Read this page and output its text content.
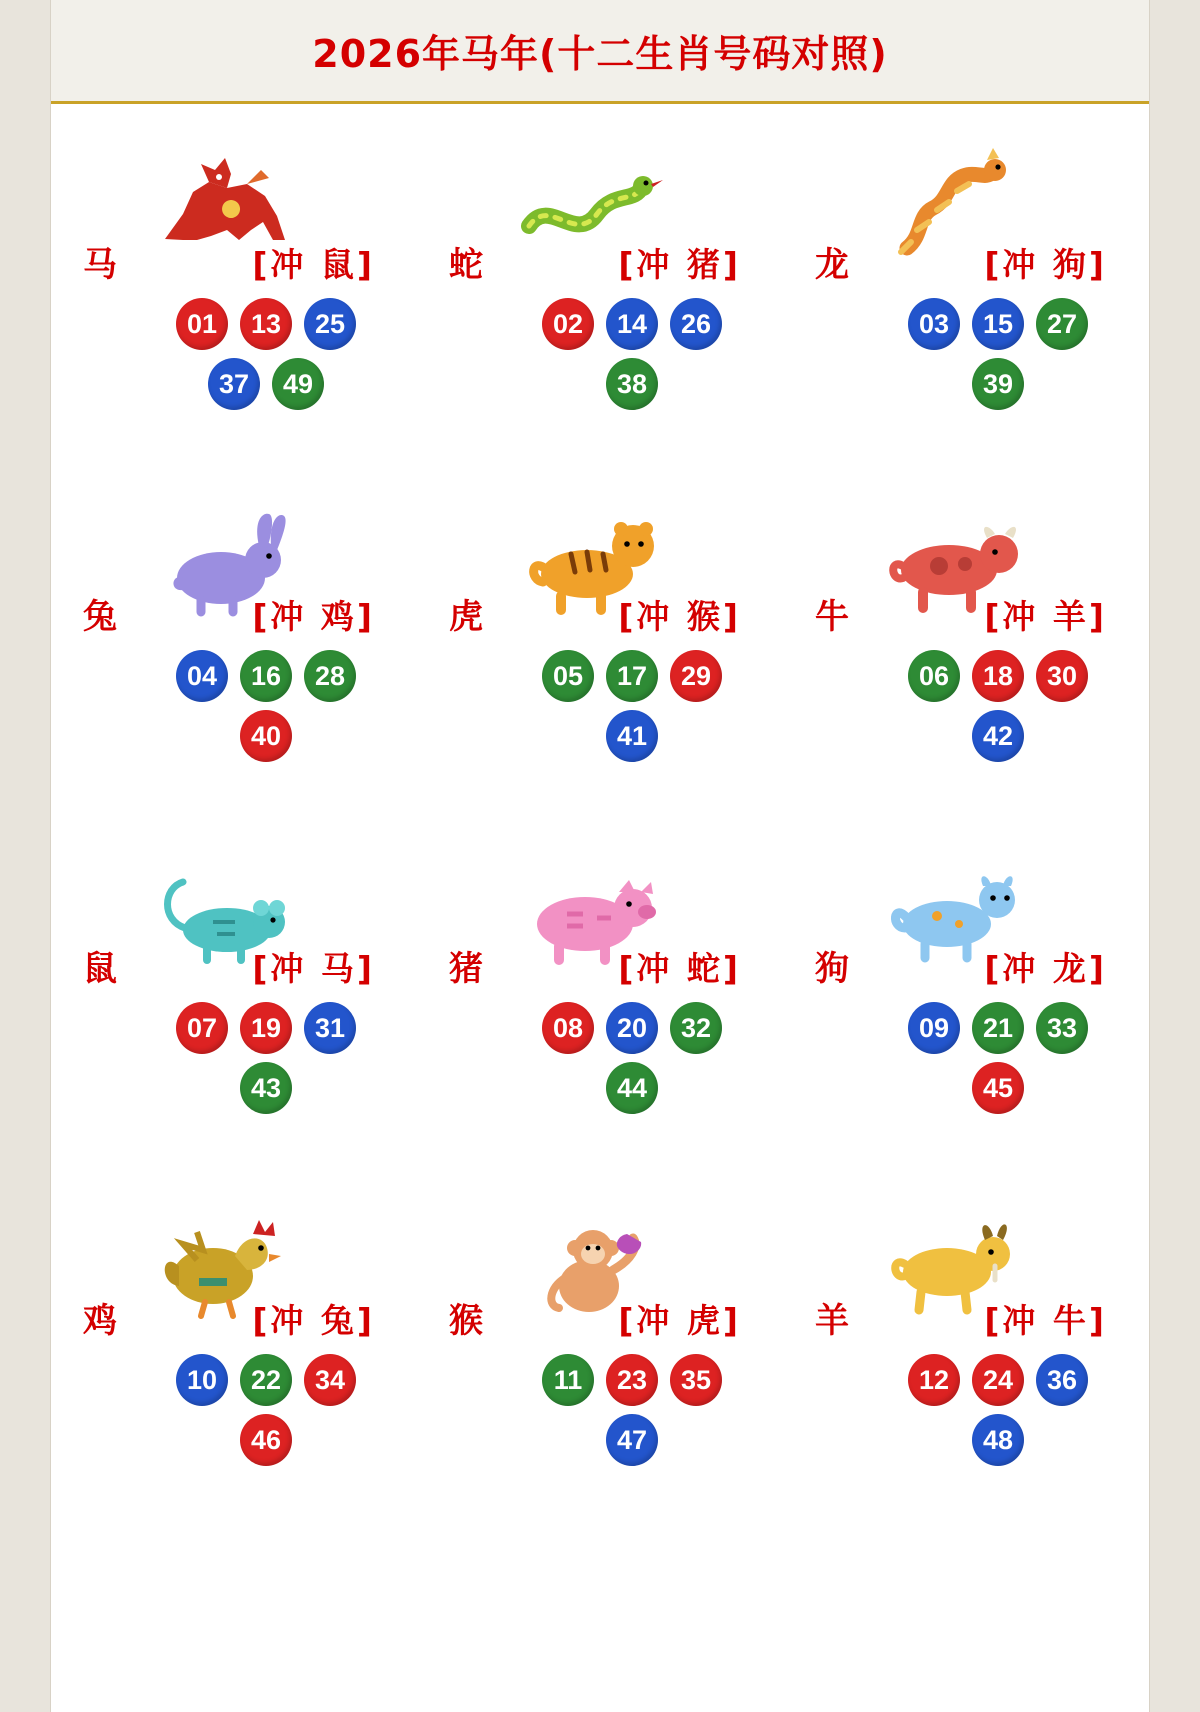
2026年马年(十二生肖号码对照)
马	[冲 鼠]
01	13	25
37	49
蛇	[冲 猪]
02	14	26
38
龙	[冲 狗]
03	15	27
39
兔	[冲 鸡]
04	16	28
40
虎	[冲 猴]
05	17	29
41
牛	[冲 羊]
06	18	30
42
鼠	[冲 马]
07	19	31
43
猪	[冲 蛇]
08	20	32
44
狗	[冲 龙]
09	21	33
45
鸡	[冲 兔]
10	22	34
46
猴	[冲 虎]
11	23	35
47
羊	[冲 牛]
12	24	36
48
